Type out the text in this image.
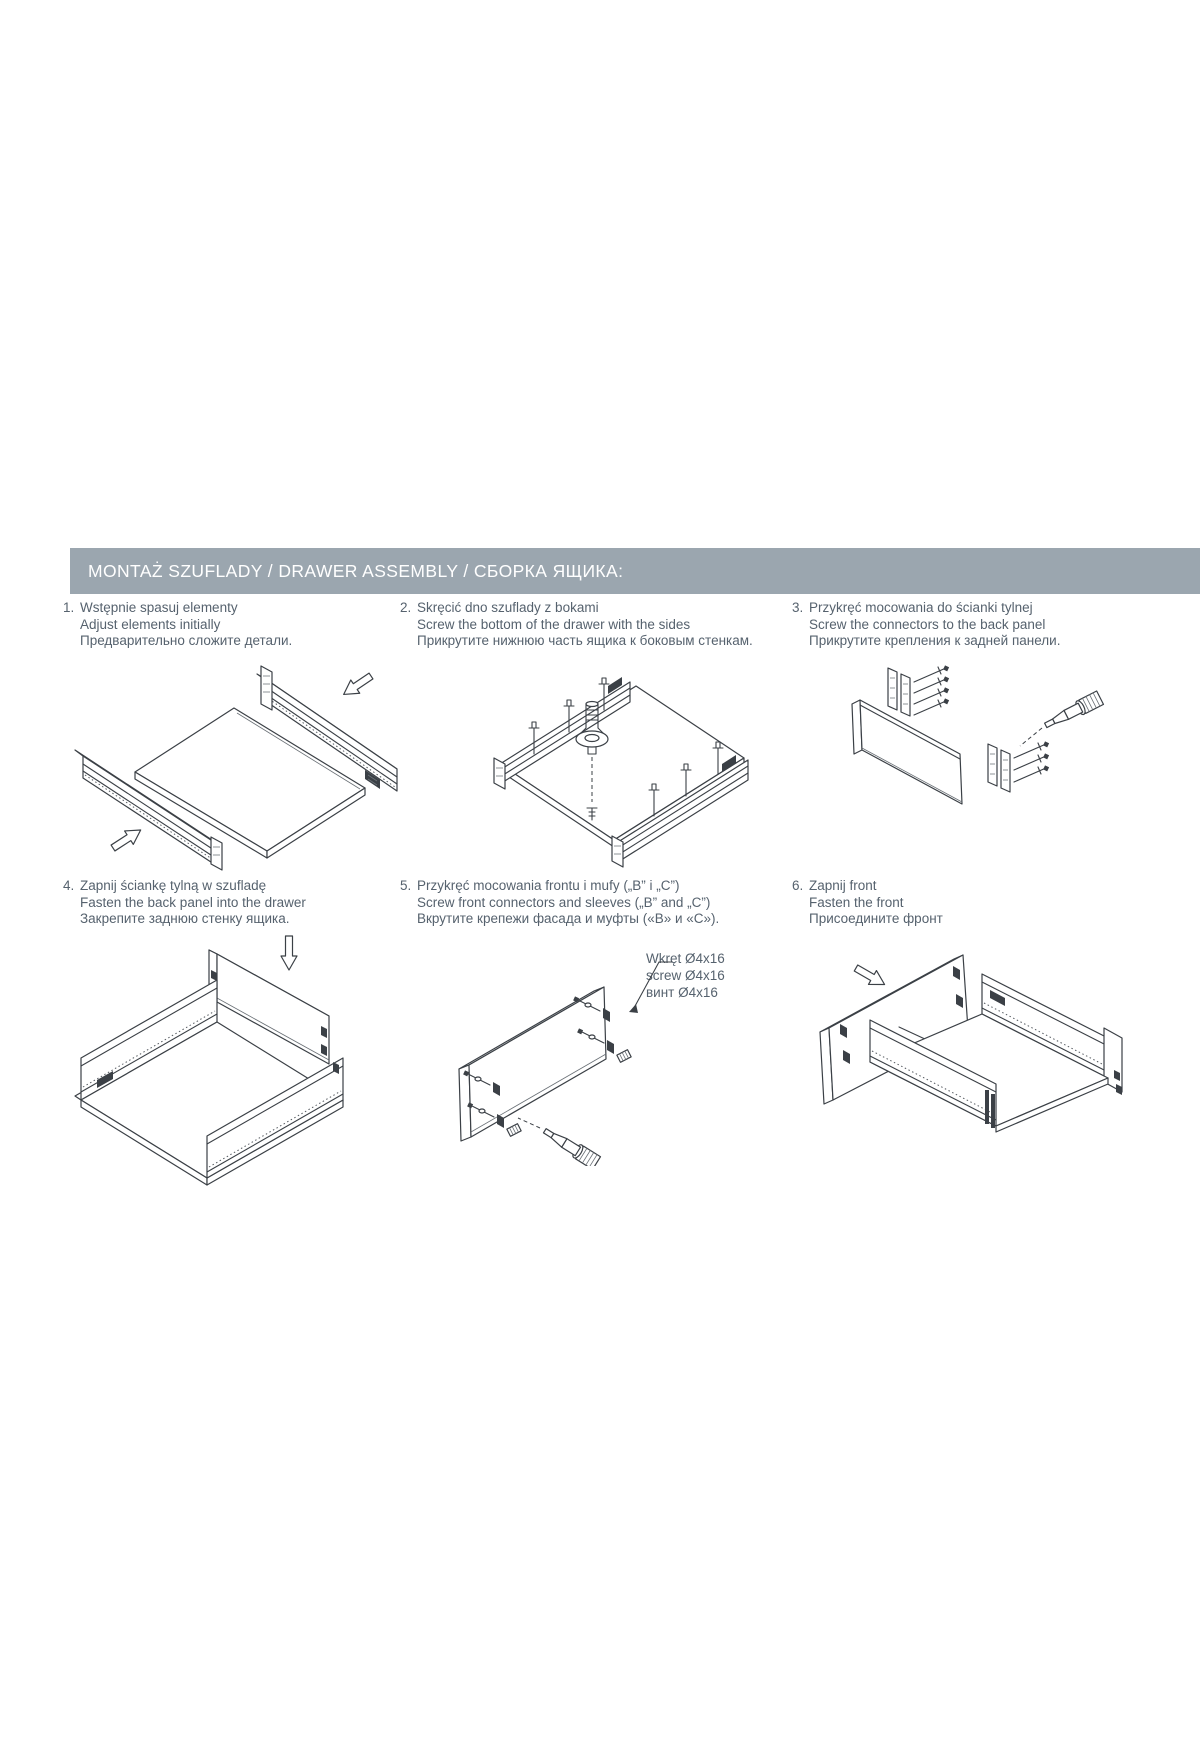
MONTAŻ SZUFLADY / DRAWER ASSEMBLY / СБОРКА ЯЩИКА:
1. Wstępnie spasuj elementy
Adjust elements initially
Предварительно сложите детали.
2. Skręcić dno szuflady z bokami
Screw the bottom of the drawer with the sides
Прикрутите нижнюю часть ящика к боковым стенкам.
3. Przykręć mocowania do ścianki tylnej
Screw the connectors to the back panel
Прикрутите крепления к задней панели.
4. Zapnij ściankę tylną w szufladę
Fasten the back panel into the drawer
Закрепите заднюю стенку ящика.
5. Przykręć mocowania frontu i mufy („B” i „C”)
Screw front connectors and sleeves („B” and „C”)
Вкрутите крепежи фасада и муфты («B» и «C»).
Wkręt Ø4x16
screw Ø4x16
винт Ø4x16
6. Zapnij front
Fasten the front
Присоедините фронт
